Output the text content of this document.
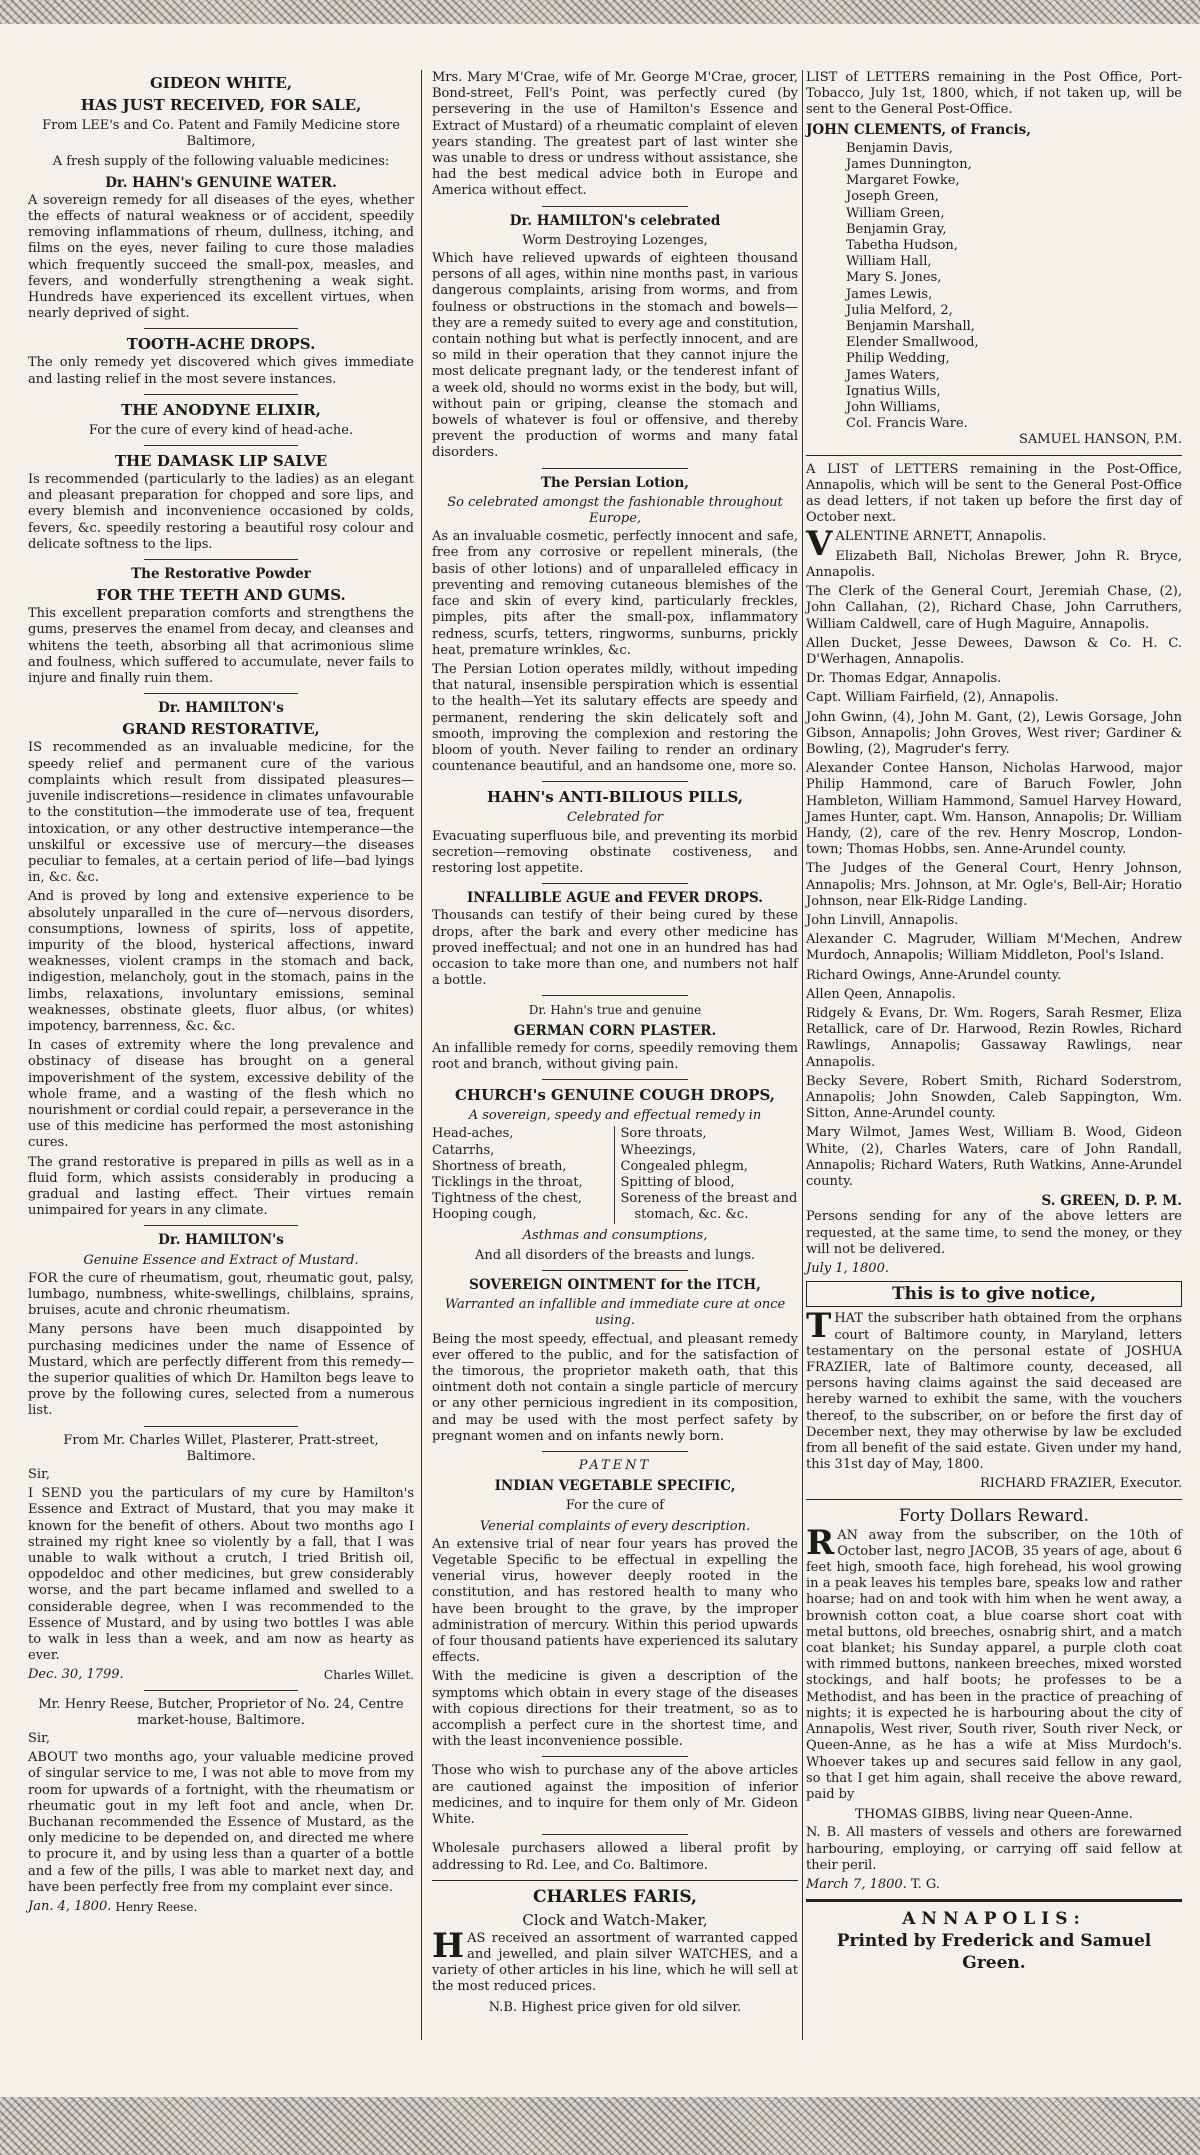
GIDEON WHITE,
HAS JUST RECEIVED, FOR SALE,
From LEE's and Co. Patent and Family Medicine store Baltimore,
A fresh supply of the following valuable medicines:
Dr. HAHN's GENUINE WATER.
A sovereign remedy for all diseases of the eyes, whether the effects of natural weakness or of accident, speedily removing inflammations of rheum, dullness, itching, and films on the eyes, never failing to cure those maladies which frequently succeed the small-pox, measles, and fevers, and wonderfully strengthening a weak sight. Hundreds have experienced its excellent virtues, when nearly deprived of sight.
TOOTH-ACHE DROPS.
The only remedy yet discovered which gives immediate and lasting relief in the most severe instances.
THE ANODYNE ELIXIR,
For the cure of every kind of head-ache.
THE DAMASK LIP SALVE
Is recommended (particularly to the ladies) as an elegant and pleasant preparation for chopped and sore lips, and every blemish and inconvenience occasioned by colds, fevers, &c. speedily restoring a beautiful rosy colour and delicate softness to the lips.
The Restorative Powder
FOR THE TEETH AND GUMS.
This excellent preparation comforts and strengthens the gums, preserves the enamel from decay, and cleanses and whitens the teeth, absorbing all that acrimonious slime and foulness, which suffered to accumulate, never fails to injure and finally ruin them.
Dr. HAMILTON's
GRAND RESTORATIVE,
IS recommended as an invaluable medicine, for the speedy relief and permanent cure of the various complaints which result from dissipated pleasures—juvenile indiscretions—residence in climates unfavourable to the constitution—the immoderate use of tea, frequent intoxication, or any other destructive intemperance—the unskilful or excessive use of mercury—the diseases peculiar to females, at a certain period of life—bad lyings in, &c. &c.
And is proved by long and extensive experience to be absolutely unparalled in the cure of—nervous disorders, consumptions, lowness of spirits, loss of appetite, impurity of the blood, hysterical affections, inward weaknesses, violent cramps in the stomach and back, indigestion, melancholy, gout in the stomach, pains in the limbs, relaxations, involuntary emissions, seminal weaknesses, obstinate gleets, fluor albus, (or whites) impotency, barrenness, &c. &c.
In cases of extremity where the long prevalence and obstinacy of disease has brought on a general impoverishment of the system, excessive debility of the whole frame, and a wasting of the flesh which no nourishment or cordial could repair, a perseverance in the use of this medicine has performed the most astonishing cures.
The grand restorative is prepared in pills as well as in a fluid form, which assists considerably in producing a gradual and lasting effect. Their virtues remain unimpaired for years in any climate.
Dr. HAMILTON's
Genuine Essence and Extract of Mustard.
FOR the cure of rheumatism, gout, rheumatic gout, palsy, lumbago, numbness, white-swellings, chilblains, sprains, bruises, acute and chronic rheumatism.
Many persons have been much disappointed by purchasing medicines under the name of Essence of Mustard, which are perfectly different from this remedy—the superior qualities of which Dr. Hamilton begs leave to prove by the following cures, selected from a numerous list.
From Mr. Charles Willet, Plasterer, Pratt-street, Baltimore.
Sir,
I SEND you the particulars of my cure by Hamilton's Essence and Extract of Mustard, that you may make it known for the benefit of others. About two months ago I strained my right knee so violently by a fall, that I was unable to walk without a crutch, I tried British oil, oppodeldoc and other medicines, but grew considerably worse, and the part became inflamed and swelled to a considerable degree, when I was recommended to the Essence of Mustard, and by using two bottles I was able to walk in less than a week, and am now as hearty as ever.
Dec. 30, 1799.	Charles Willet.
Mr. Henry Reese, Butcher, Proprietor of No. 24, Centre market-house, Baltimore.
Sir,
ABOUT two months ago, your valuable medicine proved of singular service to me, I was not able to move from my room for upwards of a fortnight, with the rheumatism or rheumatic gout in my left foot and ancle, when Dr. Buchanan recommended the Essence of Mustard, as the only medicine to be depended on, and directed me where to procure it, and by using less than a quarter of a bottle and a few of the pills, I was able to market next day, and have been perfectly free from my complaint ever since.
Jan. 4, 1800. Henry Reese.
Mrs. Mary M'Crae, wife of Mr. George M'Crae, grocer, Bond-street, Fell's Point, was perfectly cured (by persevering in the use of Hamilton's Essence and Extract of Mustard) of a rheumatic complaint of eleven years standing. The greatest part of last winter she was unable to dress or undress without assistance, she had the best medical advice both in Europe and America without effect.
Dr. HAMILTON's celebrated
Worm Destroying Lozenges,
Which have relieved upwards of eighteen thousand persons of all ages, within nine months past, in various dangerous complaints, arising from worms, and from foulness or obstructions in the stomach and bowels—they are a remedy suited to every age and constitution, contain nothing but what is perfectly innocent, and are so mild in their operation that they cannot injure the most delicate pregnant lady, or the tenderest infant of a week old, should no worms exist in the body, but will, without pain or griping, cleanse the stomach and bowels of whatever is foul or offensive, and thereby prevent the production of worms and many fatal disorders.
The Persian Lotion,
So celebrated amongst the fashionable throughout Europe,
As an invaluable cosmetic, perfectly innocent and safe, free from any corrosive or repellent minerals, (the basis of other lotions) and of unparalleled efficacy in preventing and removing cutaneous blemishes of the face and skin of every kind, particularly freckles, pimples, pits after the small-pox, inflammatory redness, scurfs, tetters, ringworms, sunburns, prickly heat, premature wrinkles, &c.
The Persian Lotion operates mildly, without impeding that natural, insensible perspiration which is essential to the health—Yet its salutary effects are speedy and permanent, rendering the skin delicately soft and smooth, improving the complexion and restoring the bloom of youth. Never failing to render an ordinary countenance beautiful, and an handsome one, more so.
HAHN's ANTI-BILIOUS PILLS,
Celebrated for
Evacuating superfluous bile, and preventing its morbid secretion—removing obstinate costiveness, and restoring lost appetite.
INFALLIBLE AGUE and FEVER DROPS.
Thousands can testify of their being cured by these drops, after the bark and every other medicine has proved ineffectual; and not one in an hundred has had occasion to take more than one, and numbers not half a bottle.
Dr. Hahn's true and genuine
GERMAN CORN PLASTER.
An infallible remedy for corns, speedily removing them root and branch, without giving pain.
CHURCH's GENUINE COUGH DROPS,
A sovereign, speedy and effectual remedy in
Head-aches,
Catarrhs,
Shortness of breath,
Ticklings in the throat,
Tightness of the chest,
Hooping cough,
Sore throats,
Wheezings,
Congealed phlegm,
Spitting of blood,
Soreness of the breast and
stomach, &c. &c.
Asthmas and consumptions,
And all disorders of the breasts and lungs.
SOVEREIGN OINTMENT for the ITCH,
Warranted an infallible and immediate cure at once using.
Being the most speedy, effectual, and pleasant remedy ever offered to the public, and for the satisfaction of the timorous, the proprietor maketh oath, that this ointment doth not contain a single particle of mercury or any other pernicious ingredient in its composition, and may be used with the most perfect safety by pregnant women and on infants newly born.
PATENT
INDIAN VEGETABLE SPECIFIC,
For the cure of
Venerial complaints of every description.
An extensive trial of near four years has proved the Vegetable Specific to be effectual in expelling the venerial virus, however deeply rooted in the constitution, and has restored health to many who have been brought to the grave, by the improper administration of mercury. Within this period upwards of four thousand patients have experienced its salutary effects.
With the medicine is given a description of the symptoms which obtain in every stage of the diseases with copious directions for their treatment, so as to accomplish a perfect cure in the shortest time, and with the least inconvenience possible.
Those who wish to purchase any of the above articles are cautioned against the imposition of inferior medicines, and to inquire for them only of Mr. Gideon White.
Wholesale purchasers allowed a liberal profit by addressing to Rd. Lee, and Co. Baltimore.
CHARLES FARIS,
Clock and Watch-Maker,
HAS received an assortment of warranted capped and jewelled, and plain silver WATCHES, and a variety of other articles in his line, which he will sell at the most reduced prices.
N.B. Highest price given for old silver.
LIST of LETTERS remaining in the Post Office, Port-Tobacco, July 1st, 1800, which, if not taken up, will be sent to the General Post-Office.
JOHN CLEMENTS, of Francis,
Benjamin Davis,
James Dunnington,
Margaret Fowke,
Joseph Green,
William Green,
Benjamin Gray,
Tabetha Hudson,
William Hall,
Mary S. Jones,
James Lewis,
Julia Melford, 2,
Benjamin Marshall,
Elender Smallwood,
Philip Wedding,
James Waters,
Ignatius Wills,
John Williams,
Col. Francis Ware.
SAMUEL HANSON, P.M.
A LIST of LETTERS remaining in the Post-Office, Annapolis, which will be sent to the General Post-Office as dead letters, if not taken up before the first day of October next.
VALENTINE ARNETT, Annapolis.
Elizabeth Ball, Nicholas Brewer, John R. Bryce, Annapolis.
The Clerk of the General Court, Jeremiah Chase, (2), John Callahan, (2), Richard Chase, John Carruthers, William Caldwell, care of Hugh Maguire, Annapolis.
Allen Ducket, Jesse Dewees, Dawson & Co. H. C. D'Werhagen, Annapolis.
Dr. Thomas Edgar, Annapolis.
Capt. William Fairfield, (2), Annapolis.
John Gwinn, (4), John M. Gant, (2), Lewis Gorsage, John Gibson, Annapolis; John Groves, West river; Gardiner & Bowling, (2), Magruder's ferry.
Alexander Contee Hanson, Nicholas Harwood, major Philip Hammond, care of Baruch Fowler, John Hambleton, William Hammond, Samuel Harvey Howard, James Hunter, capt. Wm. Hanson, Annapolis; Dr. William Handy, (2), care of the rev. Henry Moscrop, London-town; Thomas Hobbs, sen. Anne-Arundel county.
The Judges of the General Court, Henry Johnson, Annapolis; Mrs. Johnson, at Mr. Ogle's, Bell-Air; Horatio Johnson, near Elk-Ridge Landing.
John Linvill, Annapolis.
Alexander C. Magruder, William M'Mechen, Andrew Murdoch, Annapolis; William Middleton, Pool's Island.
Richard Owings, Anne-Arundel county.
Allen Qeen, Annapolis.
Ridgely & Evans, Dr. Wm. Rogers, Sarah Resmer, Eliza Retallick, care of Dr. Harwood, Rezin Rowles, Richard Rawlings, Annapolis; Gassaway Rawlings, near Annapolis.
Becky Severe, Robert Smith, Richard Soderstrom, Annapolis; John Snowden, Caleb Sappington, Wm. Sitton, Anne-Arundel county.
Mary Wilmot, James West, William B. Wood, Gideon White, (2), Charles Waters, care of John Randall, Annapolis; Richard Waters, Ruth Watkins, Anne-Arundel county.
S. GREEN, D. P. M.
Persons sending for any of the above letters are requested, at the same time, to send the money, or they will not be delivered.
July 1, 1800.
This is to give notice,
THAT the subscriber hath obtained from the orphans court of Baltimore county, in Maryland, letters testamentary on the personal estate of JOSHUA FRAZIER, late of Baltimore county, deceased, all persons having claims against the said deceased are hereby warned to exhibit the same, with the vouchers thereof, to the subscriber, on or before the first day of December next, they may otherwise by law be excluded from all benefit of the said estate. Given under my hand, this 31st day of May, 1800.
RICHARD FRAZIER, Executor.
Forty Dollars Reward.
RAN away from the subscriber, on the 10th of October last, negro JACOB, 35 years of age, about 6 feet high, smooth face, high forehead, his wool growing in a peak leaves his temples bare, speaks low and rather hoarse; had on and took with him when he went away, a brownish cotton coat, a blue coarse short coat with metal buttons, old breeches, osnabrig shirt, and a match coat blanket; his Sunday apparel, a purple cloth coat with rimmed buttons, nankeen breeches, mixed worsted stockings, and half boots; he professes to be a Methodist, and has been in the practice of preaching of nights; it is expected he is harbouring about the city of Annapolis, West river, South river, South river Neck, or Queen-Anne, as he has a wife at Miss Murdoch's. Whoever takes up and secures said fellow in any gaol, so that I get him again, shall receive the above reward, paid by
THOMAS GIBBS, living near Queen-Anne.
N. B. All masters of vessels and others are forewarned harbouring, employing, or carrying off said fellow at their peril.
March 7, 1800. T. G.
ANNAPOLIS:
Printed by Frederick and Samuel Green.
